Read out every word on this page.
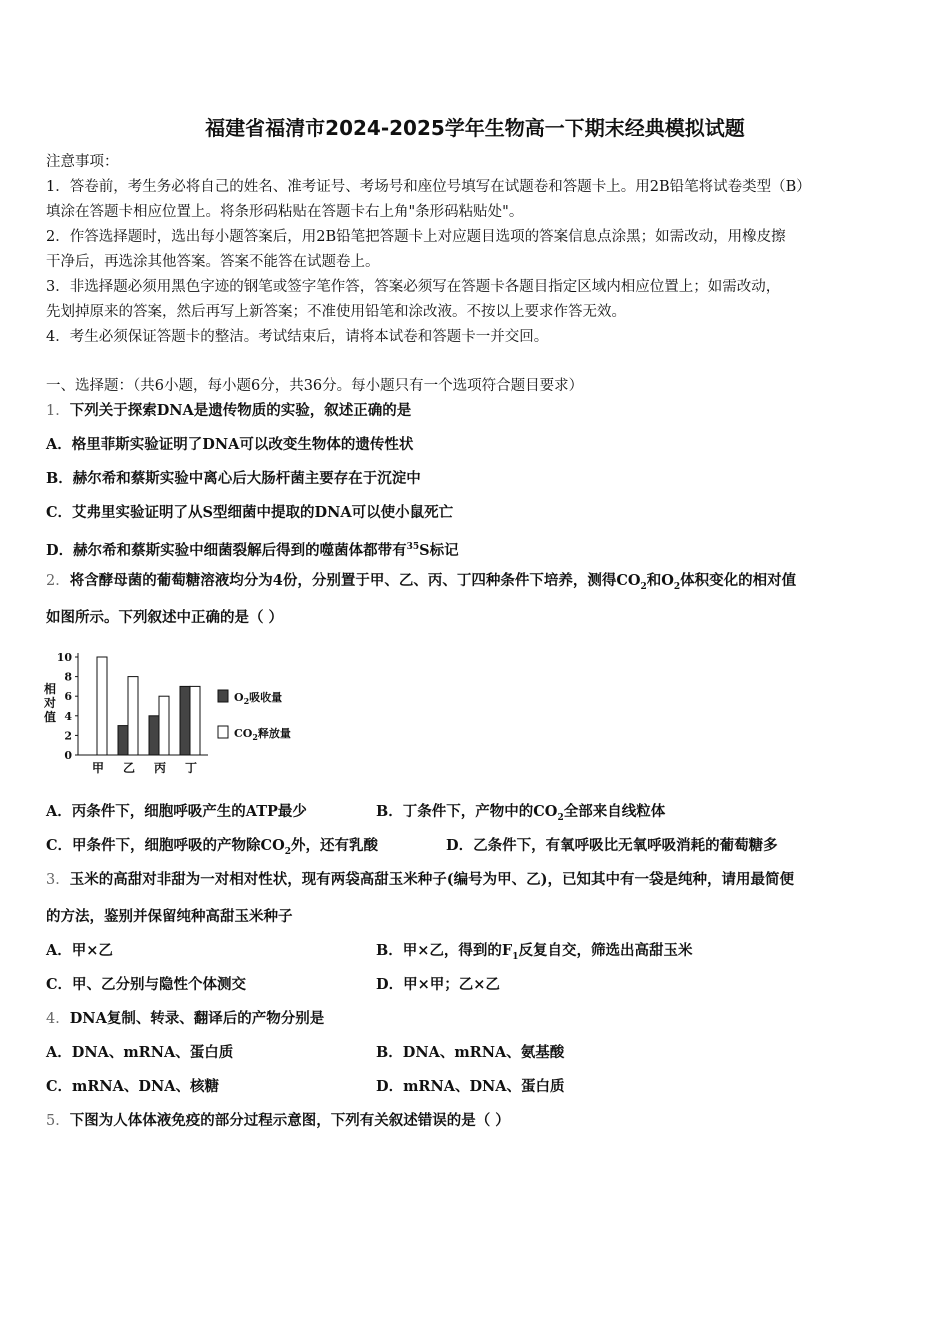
福建省福清市2024-2025学年生物高一下期末经典模拟试题
注意事项：
1．答卷前，考生务必将自己的姓名、准考证号、考场号和座位号填写在试题卷和答题卡上。用2B铅笔将试卷类型（B）
填涂在答题卡相应位置上。将条形码粘贴在答题卡右上角"条形码粘贴处"。
2．作答选择题时，选出每小题答案后，用2B铅笔把答题卡上对应题目选项的答案信息点涂黑；如需改动，用橡皮擦
干净后，再选涂其他答案。答案不能答在试题卷上。
3．非选择题必须用黑色字迹的钢笔或签字笔作答，答案必须写在答题卡各题目指定区域内相应位置上；如需改动，
先划掉原来的答案，然后再写上新答案；不准使用铅笔和涂改液。不按以上要求作答无效。
4．考生必须保证答题卡的整洁。考试结束后，请将本试卷和答题卡一并交回。
一、选择题：（共6小题，每小题6分，共36分。每小题只有一个选项符合题目要求）
1．下列关于探索DNA是遗传物质的实验，叙述正确的是
A．格里菲斯实验证明了DNA可以改变生物体的遗传性状
B．赫尔希和蔡斯实验中离心后大肠杆菌主要存在于沉淀中
C．艾弗里实验证明了从S型细菌中提取的DNA可以使小鼠死亡
D．赫尔希和蔡斯实验中细菌裂解后得到的噬菌体都带有$^{35}$S标记
2．将含酵母菌的葡萄糖溶液均分为4份，分别置于甲、乙、丙、丁四种条件下培养，测得$CO_2$和$O_2$体积变化的相对值
如图所示。下列叙述中正确的是（ ）
相
对
值
0
2
4
6
8
10
甲 乙 丙 丁
$O_2$吸收量
$CO_2$释放量
A．丙条件下，细胞呼吸产生的ATP最少	B．丁条件下，产物中的$CO_2$全部来自线粒体
C．甲条件下，细胞呼吸的产物除$CO_2$外，还有乳酸	D．乙条件下，有氧呼吸比无氧呼吸消耗的葡萄糖多
3．玉米的高甜对非甜为一对相对性状，现有两袋高甜玉米种子(编号为甲、乙)，已知其中有一袋是纯种，请用最简便
的方法，鉴别并保留纯种高甜玉米种子
A．甲×乙	B．甲×乙，得到的$F_1$反复自交，筛选出高甜玉米
C．甲、乙分别与隐性个体测交	D．甲×甲；乙×乙
4．DNA复制、转录、翻译后的产物分别是
A．DNA、mRNA、蛋白质	B．DNA、mRNA、氨基酸
C．mRNA、DNA、核糖	D．mRNA、DNA、蛋白质
5．下图为人体体液免疫的部分过程示意图，下列有关叙述错误的是（ ）
